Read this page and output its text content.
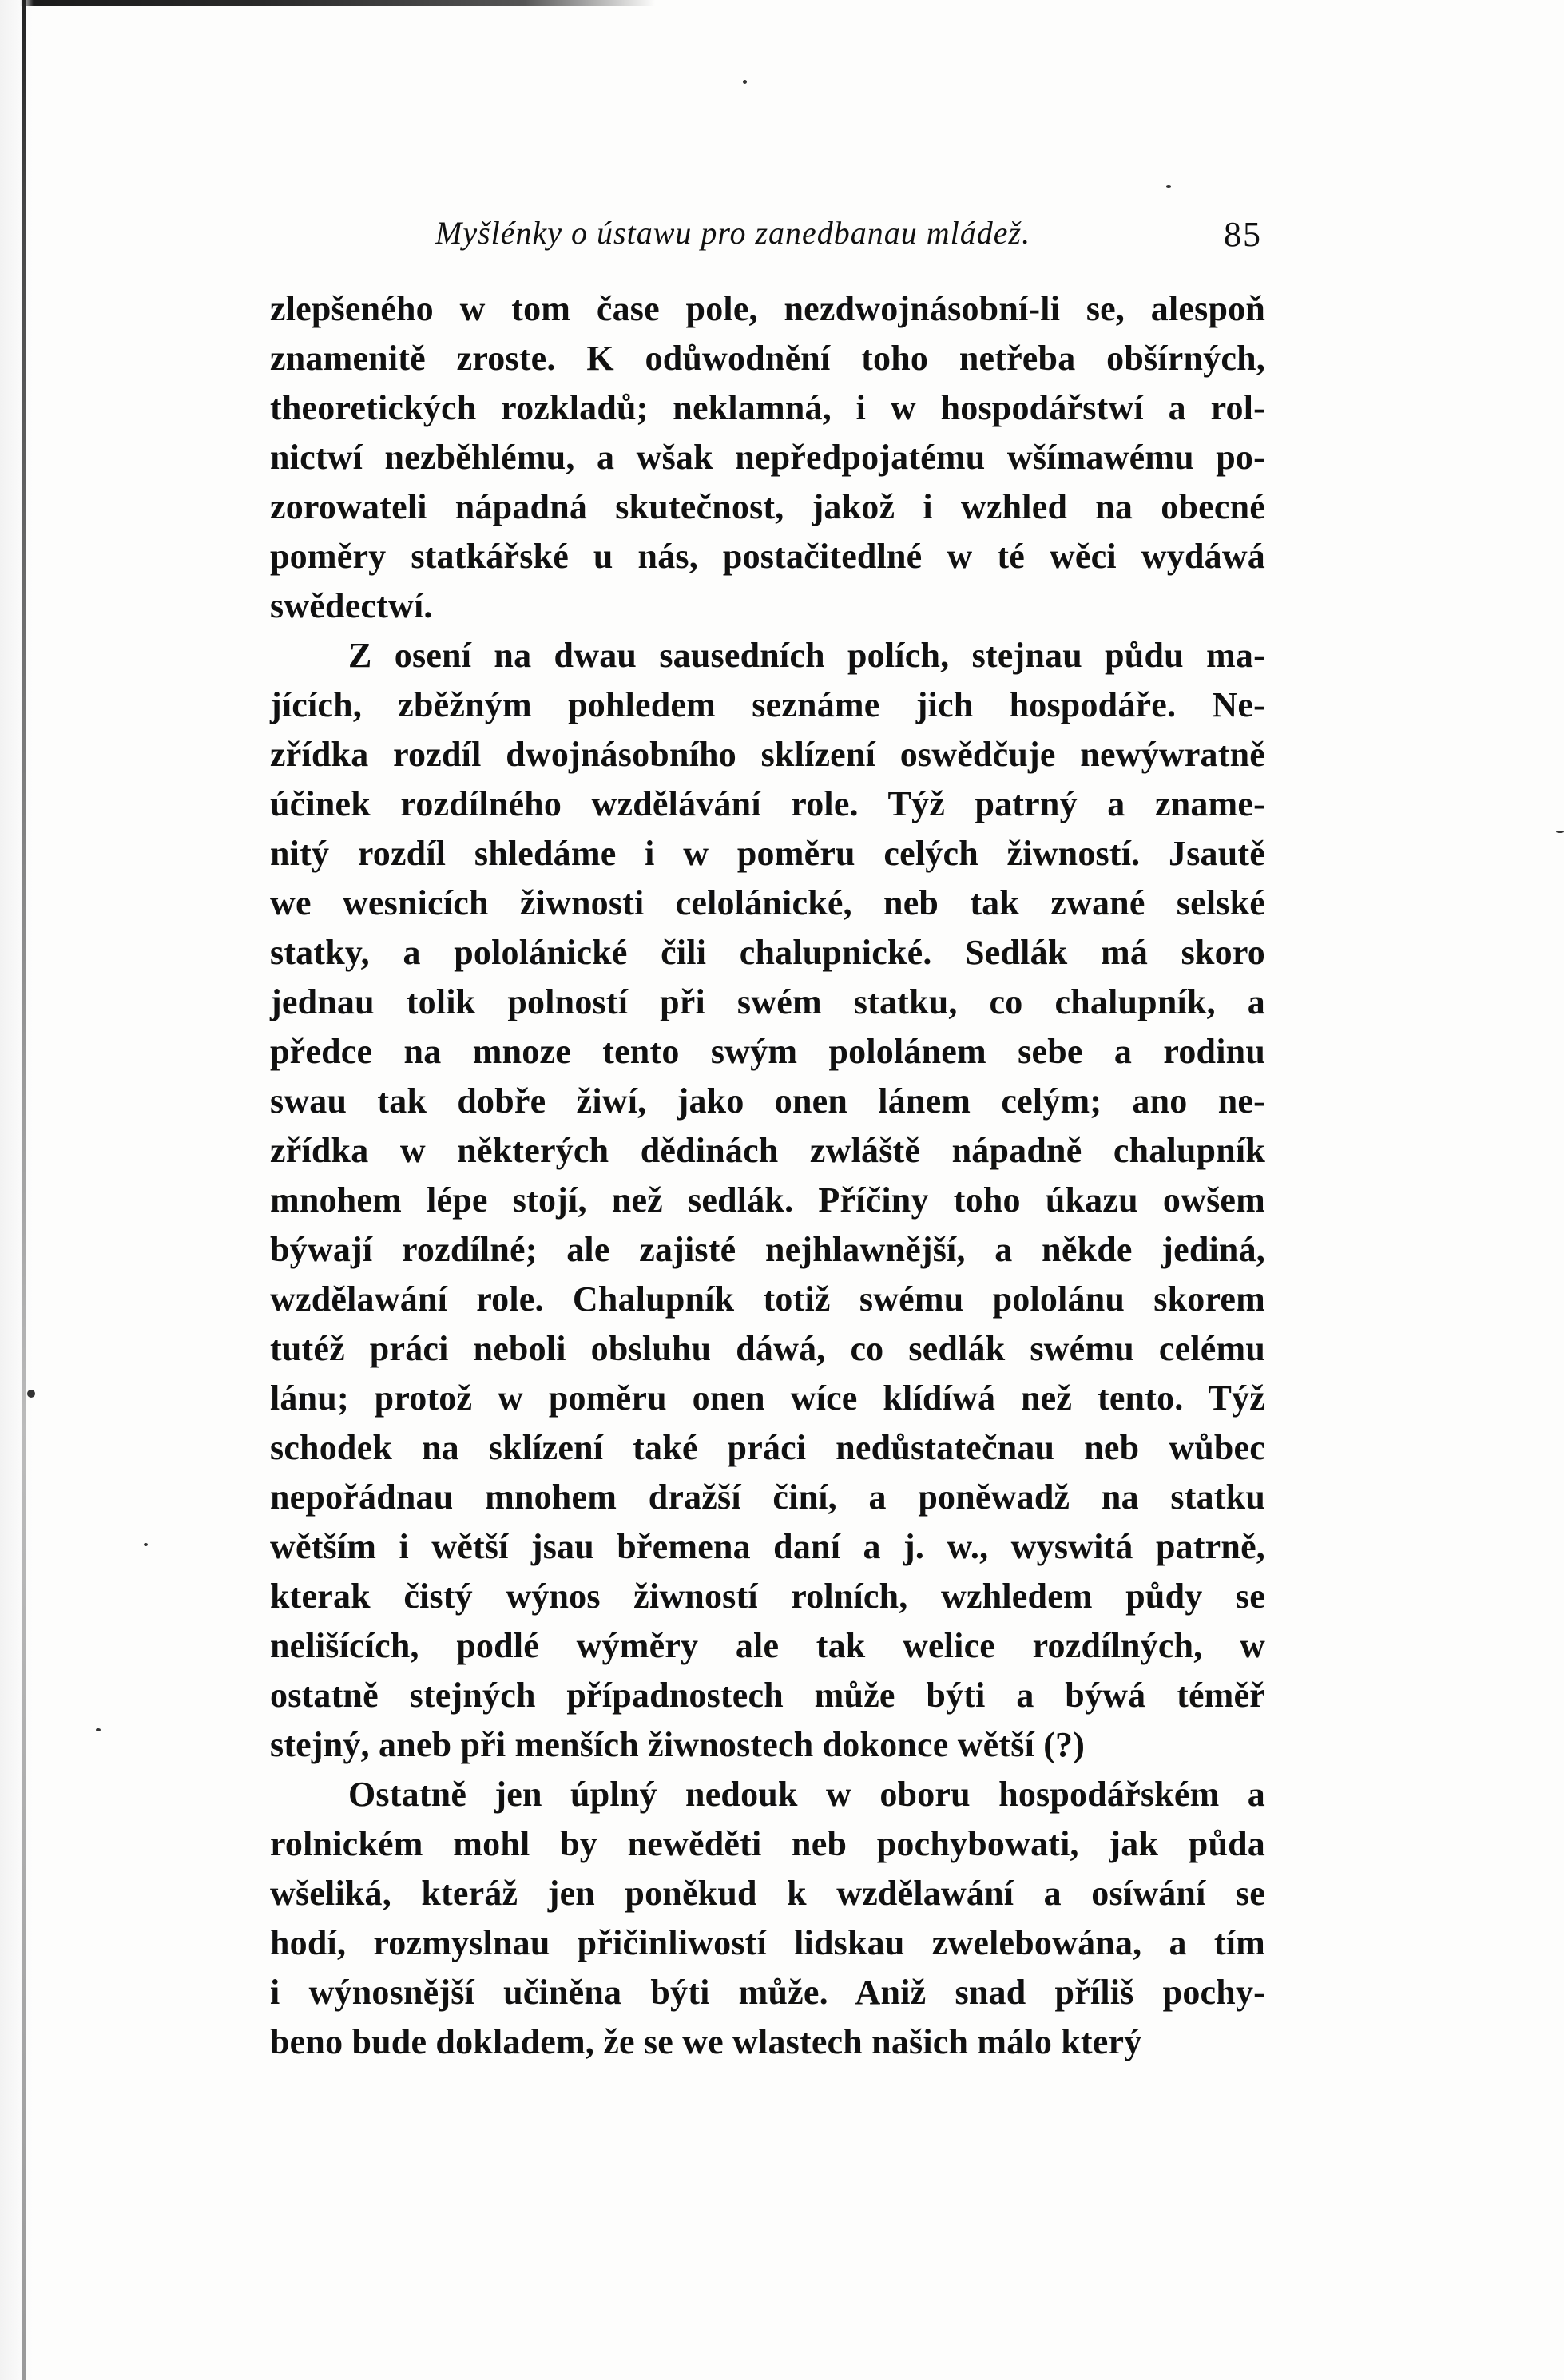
Myšlénky o ústawu pro zanedbanau mládež.	85
zlepšeného w tom čase pole, nezdwojnásobní-li se, alespoň
znamenitě zroste. K odůwodnění toho netřeba obšírných,
theoretických rozkladů; neklamná, i w hospodářstwí a rol-
nictwí nezběhlému, a wšak nepředpojatému wšímawému po-
zorowateli nápadná skutečnost, jakož i wzhled na obecné
poměry statkářské u nás, postačitedlné w té wěci wydáwá
swědectwí.
Z osení na dwau sausedních polích, stejnau půdu ma-
jících, zběžným pohledem seznáme jich hospodáře. Ne-
zřídka rozdíl dwojnásobního sklízení oswědčuje newýwratně
účinek rozdílného wzdělávání role. Týž patrný a zname-
nitý rozdíl shledáme i w poměru celých žiwností. Jsautě
we wesnicích žiwnosti celolánické, neb tak zwané selské
statky, a pololánické čili chalupnické. Sedlák má skoro
jednau tolik polností při swém statku, co chalupník, a
předce na mnoze tento swým pololánem sebe a rodinu
swau tak dobře žiwí, jako onen lánem celým; ano ne-
zřídka w některých dědinách zwláště nápadně chalupník
mnohem lépe stojí, než sedlák. Příčiny toho úkazu owšem
býwají rozdílné; ale zajisté nejhlawnější, a někde jediná,
wzdělawání role. Chalupník totiž swému pololánu skorem
tutéž práci neboli obsluhu dáwá, co sedlák swému celému
lánu; protož w poměru onen wíce klídíwá než tento. Týž
schodek na sklízení také práci nedůstatečnau neb wůbec
nepořádnau mnohem dražší činí, a poněwadž na statku
wětším i wětší jsau břemena daní a j. w., wyswitá patrně,
kterak čistý wýnos žiwností rolních, wzhledem půdy se
nelišících, podlé wýměry ale tak welice rozdílných, w
ostatně stejných případnostech může býti a býwá téměř
stejný, aneb při menších žiwnostech dokonce wětší (?)
Ostatně jen úplný nedouk w oboru hospodářském a
rolnickém mohl by newěděti neb pochybowati, jak půda
wšeliká, kteráž jen poněkud k wzdělawání a osíwání se
hodí, rozmyslnau přičinliwostí lidskau zwelebowána, a tím
i wýnosnější učiněna býti může. Aniž snad příliš pochy-
beno bude dokladem, že se we wlastech našich málo který
